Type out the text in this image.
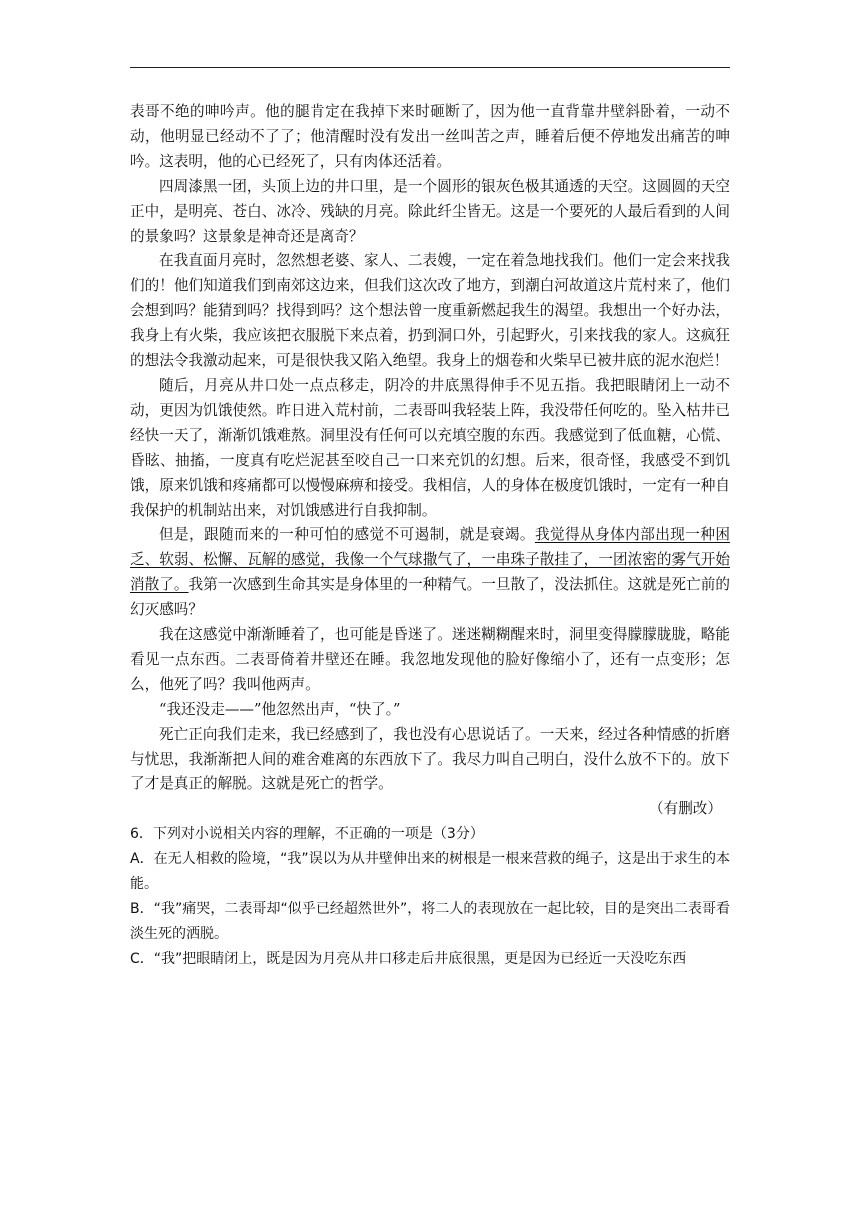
表哥不绝的呻吟声。他的腿肯定在我掉下来时砸断了，因为他一直背靠井壁斜卧着，一动不动，他明显已经动不了了；他清醒时没有发出一丝叫苦之声，睡着后便不停地发出痛苦的呻吟。这表明，他的心已经死了，只有肉体还活着。

四周漆黑一团，头顶上边的井口里，是一个圆形的银灰色极其通透的天空。这圆圆的天空正中，是明亮、苍白、冰冷、残缺的月亮。除此纤尘皆无。这是一个要死的人最后看到的人间的景象吗？这景象是神奇还是离奇？

在我直面月亮时，忽然想老婆、家人、二表嫂，一定在着急地找我们。他们一定会来找我们的！他们知道我们到南郊这边来，但我们这次改了地方，到潮白河故道这片荒村来了，他们会想到吗？能猜到吗？找得到吗？这个想法曾一度重新燃起我生的渴望。我想出一个好办法，我身上有火柴，我应该把衣服脱下来点着，扔到洞口外，引起野火，引来找我的家人。这疯狂的想法令我激动起来，可是很快我又陷入绝望。我身上的烟卷和火柴早已被井底的泥水泡烂！

随后，月亮从井口处一点点移走，阴冷的井底黑得伸手不见五指。我把眼睛闭上一动不动，更因为饥饿使然。昨日进入荒村前，二表哥叫我轻装上阵，我没带任何吃的。坠入枯井已经快一天了，渐渐饥饿难熬。洞里没有任何可以充填空腹的东西。我感觉到了低血糖，心慌、昏眩、抽搐，一度真有吃烂泥甚至咬自己一口来充饥的幻想。后来，很奇怪，我感受不到饥饿，原来饥饿和疼痛都可以慢慢麻痹和接受。我相信，人的身体在极度饥饿时，一定有一种自我保护的机制站出来，对饥饿感进行自我抑制。

但是，跟随而来的一种可怕的感觉不可遏制，就是衰竭。我觉得从身体内部出现一种困乏、软弱、松懈、瓦解的感觉，我像一个气球撒气了，一串珠子散挂了，一团浓密的雾气开始消散了。我第一次感到生命其实是身体里的一种精气。一旦散了，没法抓住。这就是死亡前的幻灭感吗？

我在这感觉中渐渐睡着了，也可能是昏迷了。迷迷糊糊醒来时，洞里变得朦朦胧胧，略能看见一点东西。二表哥倚着井壁还在睡。我忽地发现他的脸好像缩小了，还有一点变形；怎么，他死了吗？我叫他两声。

“我还没走——”他忽然出声，“快了。”

死亡正向我们走来，我已经感到了，我也没有心思说话了。一天来，经过各种情感的折磨与忧思，我渐渐把人间的难舍难离的东西放下了。我尽力叫自己明白，没什么放不下的。放下了才是真正的解脱。这就是死亡的哲学。

（有删改）

6．下列对小说相关内容的理解，不正确的一项是（3分）

A．在无人相救的险境，“我”误以为从井壁伸出来的树根是一根来营救的绳子，这是出于求生的本能。

B．“我”痛哭，二表哥却“似乎已经超然世外”，将二人的表现放在一起比较，目的是突出二表哥看淡生死的洒脱。

C．“我”把眼睛闭上，既是因为月亮从井口移走后井底很黑，更是因为已经近一天没吃东西
